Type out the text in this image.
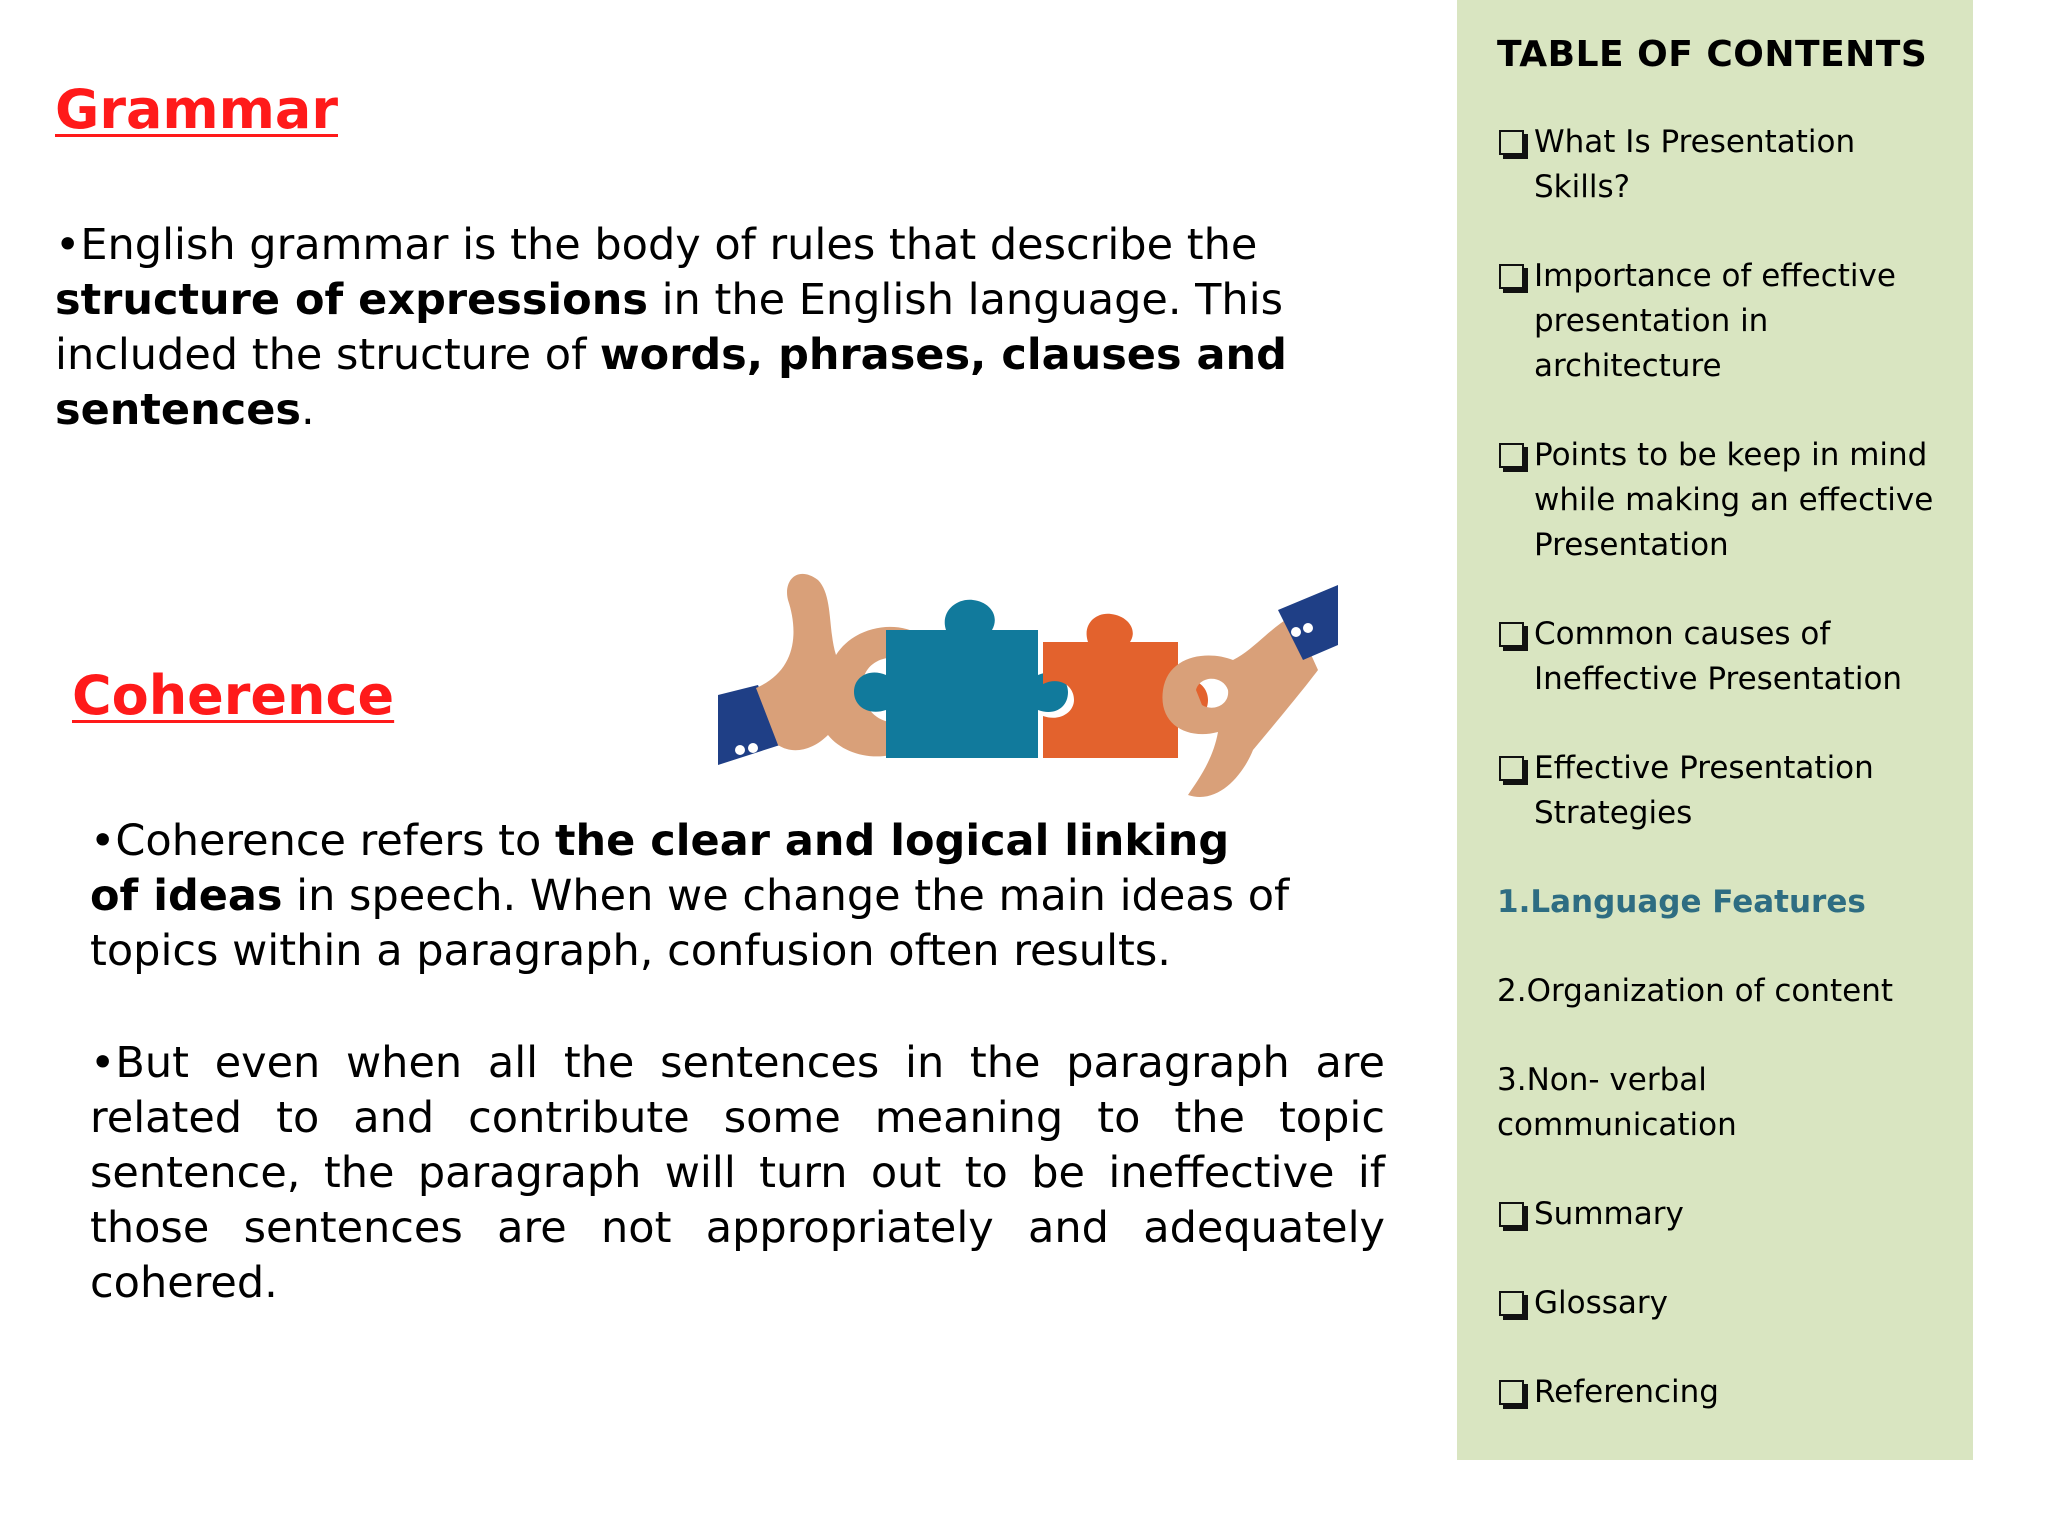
Grammar

•English grammar is the body of rules that describe the structure of expressions in the English language. This included the structure of words, phrases, clauses and sentences.

Coherence

•Coherence refers to the clear and logical linking
of ideas in speech. When we change the main ideas of topics within a paragraph, confusion often results.

•But even when all the sentences in the paragraph are related to and contribute some meaning to the topic sentence, the paragraph will turn out to be ineffective if those sentences are not appropriately and adequately cohered.

TABLE OF CONTENTS
What Is Presentation Skills?
Importance of effective presentation in architecture
Points to be keep in mind while making an effective Presentation
Common causes of Ineffective Presentation
Effective Presentation Strategies
1.Language Features
2.Organization of content
3.Non- verbal communication
Summary
Glossary
Referencing
